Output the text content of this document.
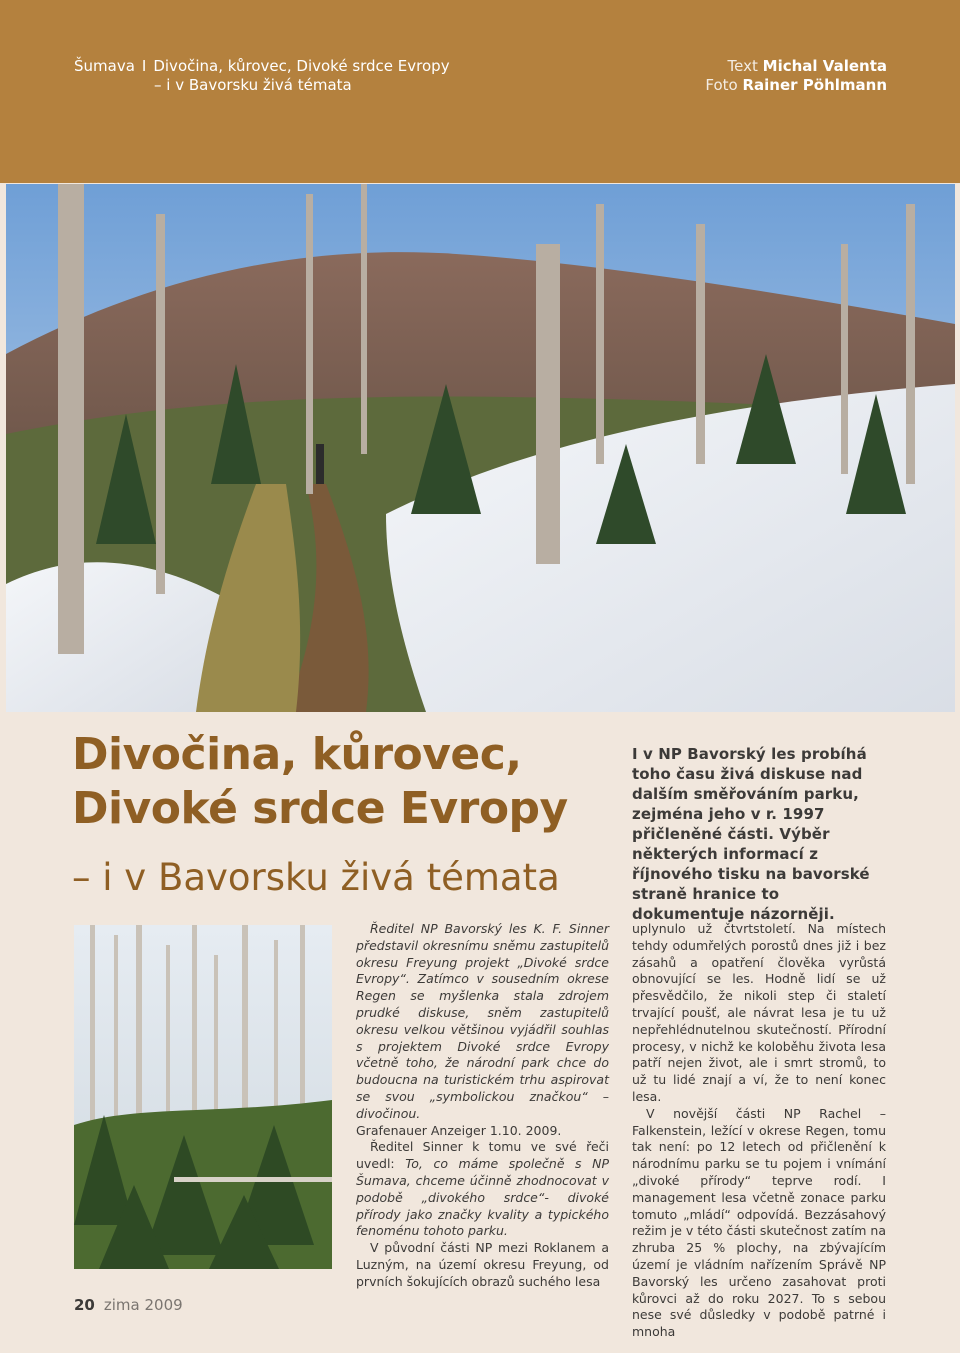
Šumava I Divočina, kůrovec, Divoké srdce Evropy
– i v Bavorsku živá témata
Text Michal Valenta
Foto Rainer Pöhlmann
Divočina, kůrovec,
Divoké srdce Evropy
– i v Bavorsku živá témata
I v NP Bavorský les probíhá toho času živá diskuse nad dalším směřováním parku, zejména jeho v r. 1997 přičleněné části. Výběr některých informací z říjnového tisku na bavorské straně hranice to dokumentuje názorněji.

Ředitel NP Bavorský les K. F. Sinner představil okresnímu sněmu zastupitelů okresu Freyung projekt „Divoké srdce Evropy“. Zatímco v sousedním okrese Regen se myšlenka stala zdrojem prudké diskuse, sněm zastupitelů okresu velkou většinou vyjádřil souhlas s projektem Divoké srdce Evropy včetně toho, že národní park chce do budoucna na turistickém trhu aspirovat se svou „symbolickou značkou“ – divočinou.

Grafenauer Anzeiger 1.10. 2009.

Ředitel Sinner k tomu ve své řeči uvedl: To, co máme společně s NP Šumava, chceme účinně zhodnocovat v podobě „divokého srdce“- divoké přírody jako značky kvality a typického fenoménu tohoto parku.

V původní části NP mezi Roklanem a Luzným, na území okresu Freyung, od prvních šokujících obrazů suchého lesa

uplynulo už čtvrtstoletí. Na místech tehdy odumřelých porostů dnes již i bez zásahů a opatření člověka vyrůstá obnovující se les. Hodně lidí se už přesvědčilo, že nikoli step či staletí trvající poušť, ale návrat lesa je tu už nepřehlédnutelnou skutečností. Přírodní procesy, v nichž ke koloběhu života lesa patří nejen život, ale i smrt stromů, to už tu lidé znají a ví, že to není konec lesa.

V novější části NP Rachel – Falkenstein, ležící v okrese Regen, tomu tak není: po 12 letech od přičlenění k národnímu parku se tu pojem i vnímání „divoké přírody“ teprve rodí. I management lesa včetně zonace parku tomuto „mládí“ odpovídá. Bezzásahový režim je v této části skutečnost zatím na zhruba 25 % plochy, na zbývajícím území je vládním nařízením Správě NP Bavorský les určeno zasahovat proti kůrovci až do roku 2027. To s sebou nese své důsledky v podobě patrné i mnoha

20 zima 2009
